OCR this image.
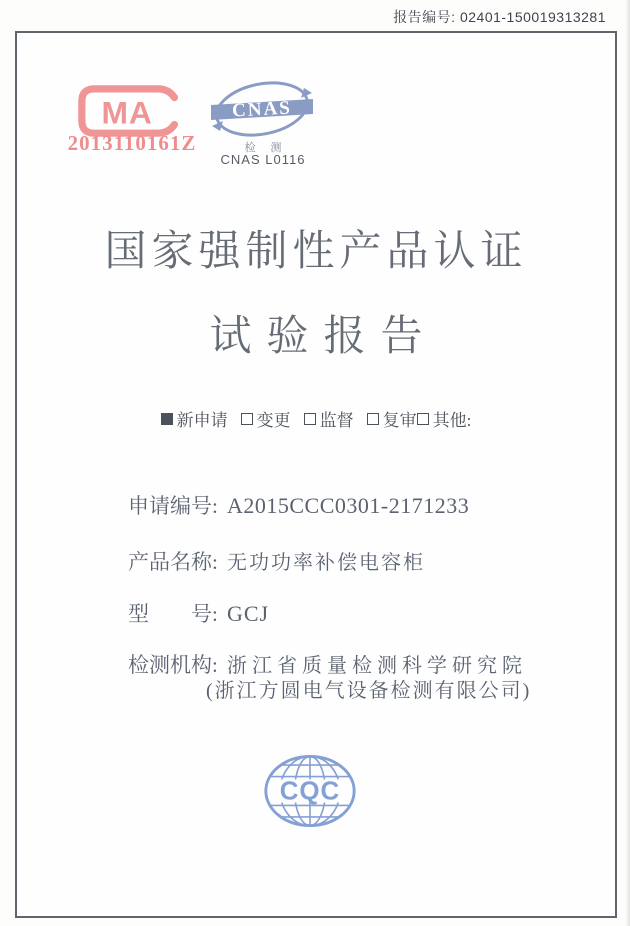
报告编号: 02401-150019313281
MA
2013110161Z
CNAS
检 测
CNAS L0116
国家强制性产品认证
试验报告
新申请 变更 监督 复审 其他:
申请编号: A2015CCC0301-2171233
产品名称: 无功功率补偿电容柜
型　　号: GCJ
检测机构: 浙江省质量检测科学研究院
(浙江方圆电气设备检测有限公司)
CQC
